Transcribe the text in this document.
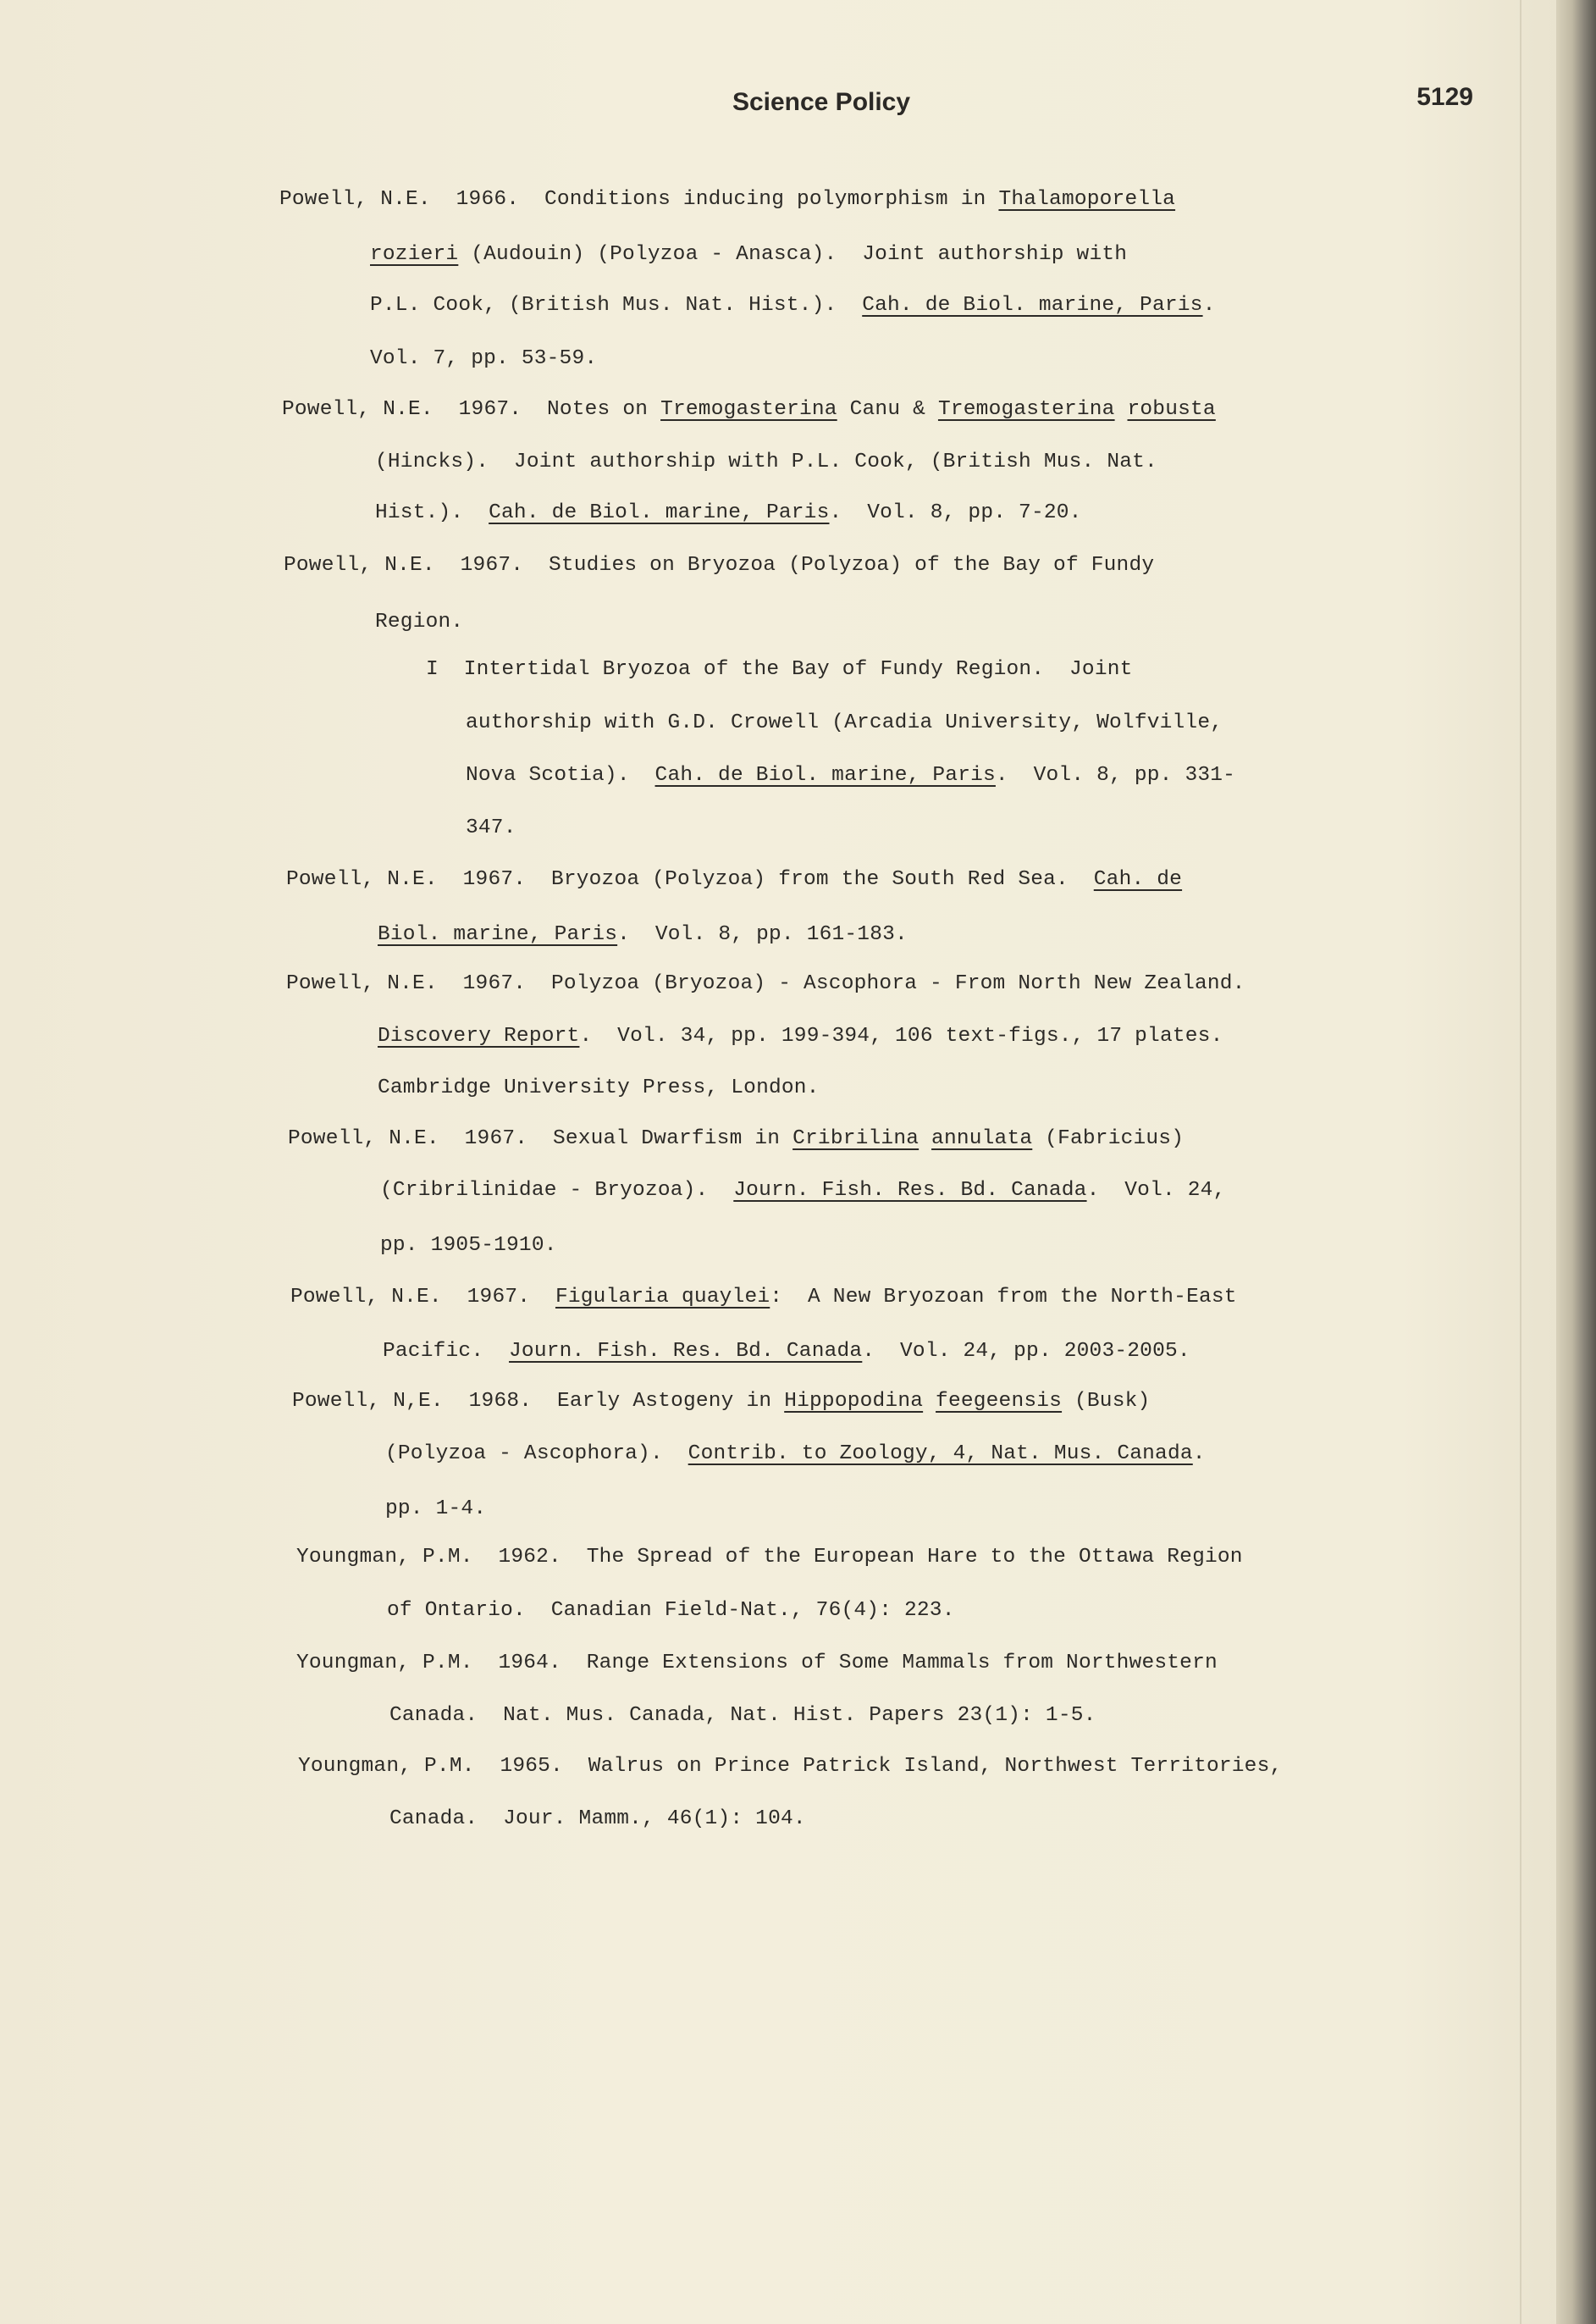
Science Policy	5129
Powell, N.E.  1966.  Conditions inducing polymorphism in Thalamoporella
rozieri (Audouin) (Polyzoa - Anasca).  Joint authorship with
P.L. Cook, (British Mus. Nat. Hist.).  Cah. de Biol. marine, Paris.
Vol. 7, pp. 53-59.
Powell, N.E.  1967.  Notes on Tremogasterina Canu & Tremogasterina robusta
(Hincks).  Joint authorship with P.L. Cook, (British Mus. Nat.
Hist.).  Cah. de Biol. marine, Paris.  Vol. 8, pp. 7-20.
Powell, N.E.  1967.  Studies on Bryozoa (Polyzoa) of the Bay of Fundy
Region.
I  Intertidal Bryozoa of the Bay of Fundy Region.  Joint
authorship with G.D. Crowell (Arcadia University, Wolfville,
Nova Scotia).  Cah. de Biol. marine, Paris.  Vol. 8, pp. 331-
347.
Powell, N.E.  1967.  Bryozoa (Polyzoa) from the South Red Sea.  Cah. de
Biol. marine, Paris.  Vol. 8, pp. 161-183.
Powell, N.E.  1967.  Polyzoa (Bryozoa) - Ascophora - From North New Zealand.
Discovery Report.  Vol. 34, pp. 199-394, 106 text-figs., 17 plates.
Cambridge University Press, London.
Powell, N.E.  1967.  Sexual Dwarfism in Cribrilina annulata (Fabricius)
(Cribrilinidae - Bryozoa).  Journ. Fish. Res. Bd. Canada.  Vol. 24,
pp. 1905-1910.
Powell, N.E.  1967.  Figularia quaylei:  A New Bryozoan from the North-East
Pacific.  Journ. Fish. Res. Bd. Canada.  Vol. 24, pp. 2003-2005.
Powell, N,E.  1968.  Early Astogeny in Hippopodina feegeensis (Busk)
(Polyzoa - Ascophora).  Contrib. to Zoology, 4, Nat. Mus. Canada.
pp. 1-4.
Youngman, P.M.  1962.  The Spread of the European Hare to the Ottawa Region
of Ontario.  Canadian Field-Nat., 76(4): 223.
Youngman, P.M.  1964.  Range Extensions of Some Mammals from Northwestern
Canada.  Nat. Mus. Canada, Nat. Hist. Papers 23(1): 1-5.
Youngman, P.M.  1965.  Walrus on Prince Patrick Island, Northwest Territories,
Canada.  Jour. Mamm., 46(1): 104.
